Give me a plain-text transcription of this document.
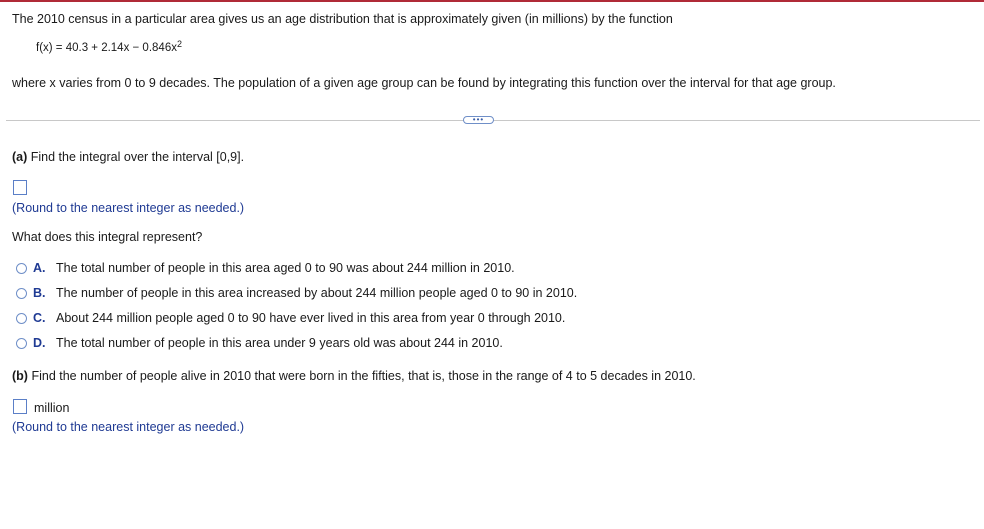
The 2010 census in a particular area gives us an age distribution that is approximately given (in millions) by the function
$f(x) = 40.3 + 2.14x - 0.846x^2$
where x varies from 0 to 9 decades. The population of a given age group can be found by integrating this function over the interval for that age group.
•••
(a) Find the integral over the interval [0,9].
(Round to the nearest integer as needed.)
What does this integral represent?
A. The total number of people in this area aged 0 to 90 was about 244 million in 2010.
B. The number of people in this area increased by about 244 million people aged 0 to 90 in 2010.
C. About 244 million people aged 0 to 90 have ever lived in this area from year 0 through 2010.
D. The total number of people in this area under 9 years old was about 244 in 2010.
(b) Find the number of people alive in 2010 that were born in the fifties, that is, those in the range of 4 to 5 decades in 2010.
million
(Round to the nearest integer as needed.)
